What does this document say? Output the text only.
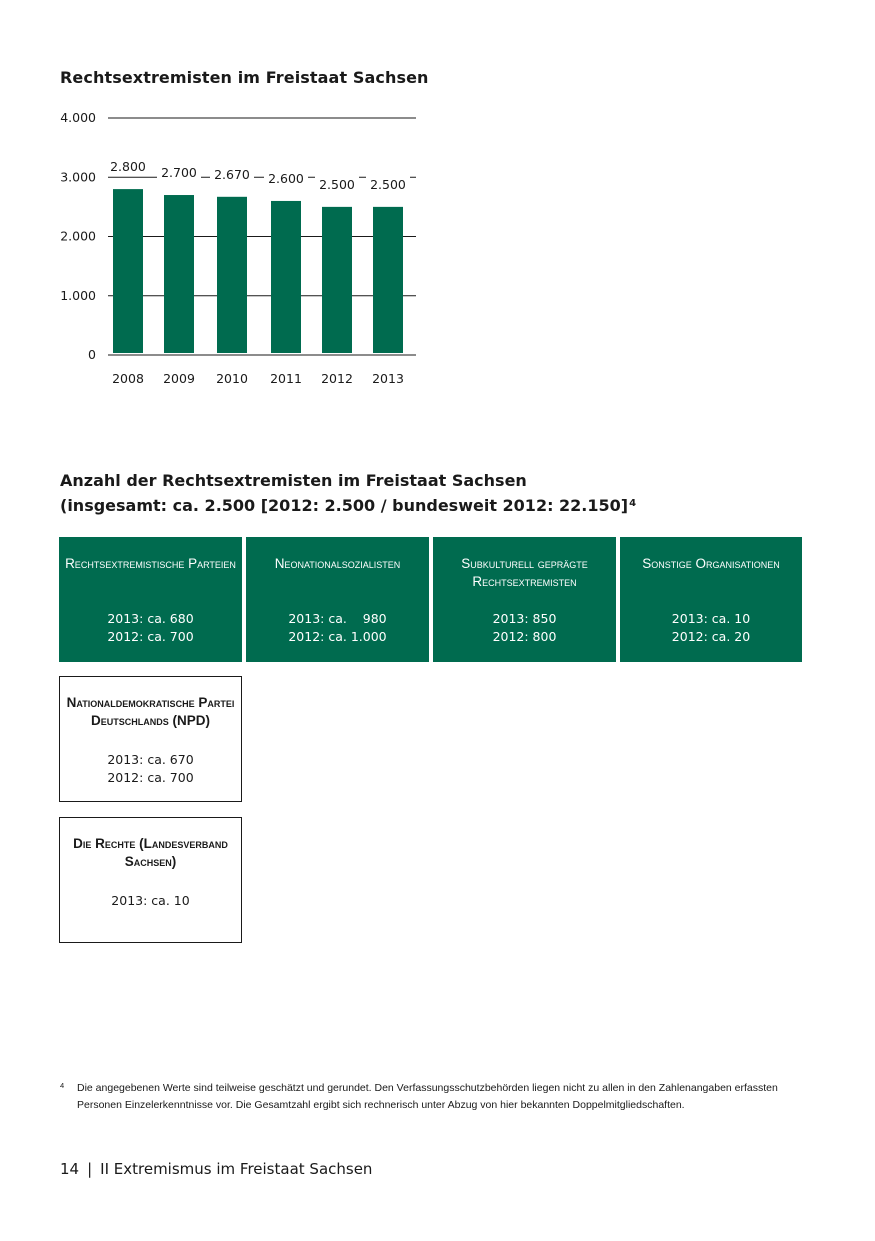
Rechtsextremisten im Freistaat Sachsen
0
1.000
2.000
3.000
4.000
2.800
2008
2.700
2009
2.670
2010
2.600
2011
2.500
2012
2.500
2013
Anzahl der Rechtsextremisten im Freistaat Sachsen
(insgesamt: ca. 2.500 [2012: 2.500 / bundesweit 2012: 22.150]$^4$
Rechtsextremistische Parteien
2013: ca. 680
2012: ca. 700
Neonationalsozialisten
2013: ca.    980
2012: ca. 1.000
Subkulturell geprägte Rechtsextremisten
2013: 850
2012: 800
Sonstige Organisationen
2013: ca. 10
2012: ca. 20
Nationaldemokratische Partei Deutschlands (NPD)
2013: ca. 670
2012: ca. 700
Die Rechte (Landesverband Sachsen)
2013: ca. 10
4 Die angegebenen Werte sind teilweise geschätzt und gerundet. Den Verfassungsschutzbehörden liegen nicht zu allen in den Zahlenangaben erfassten Personen Einzelerkenntnisse vor. Die Gesamtzahl ergibt sich rechnerisch unter Abzug von hier bekannten Doppelmitgliedschaften.
14 | II Extremismus im Freistaat Sachsen
